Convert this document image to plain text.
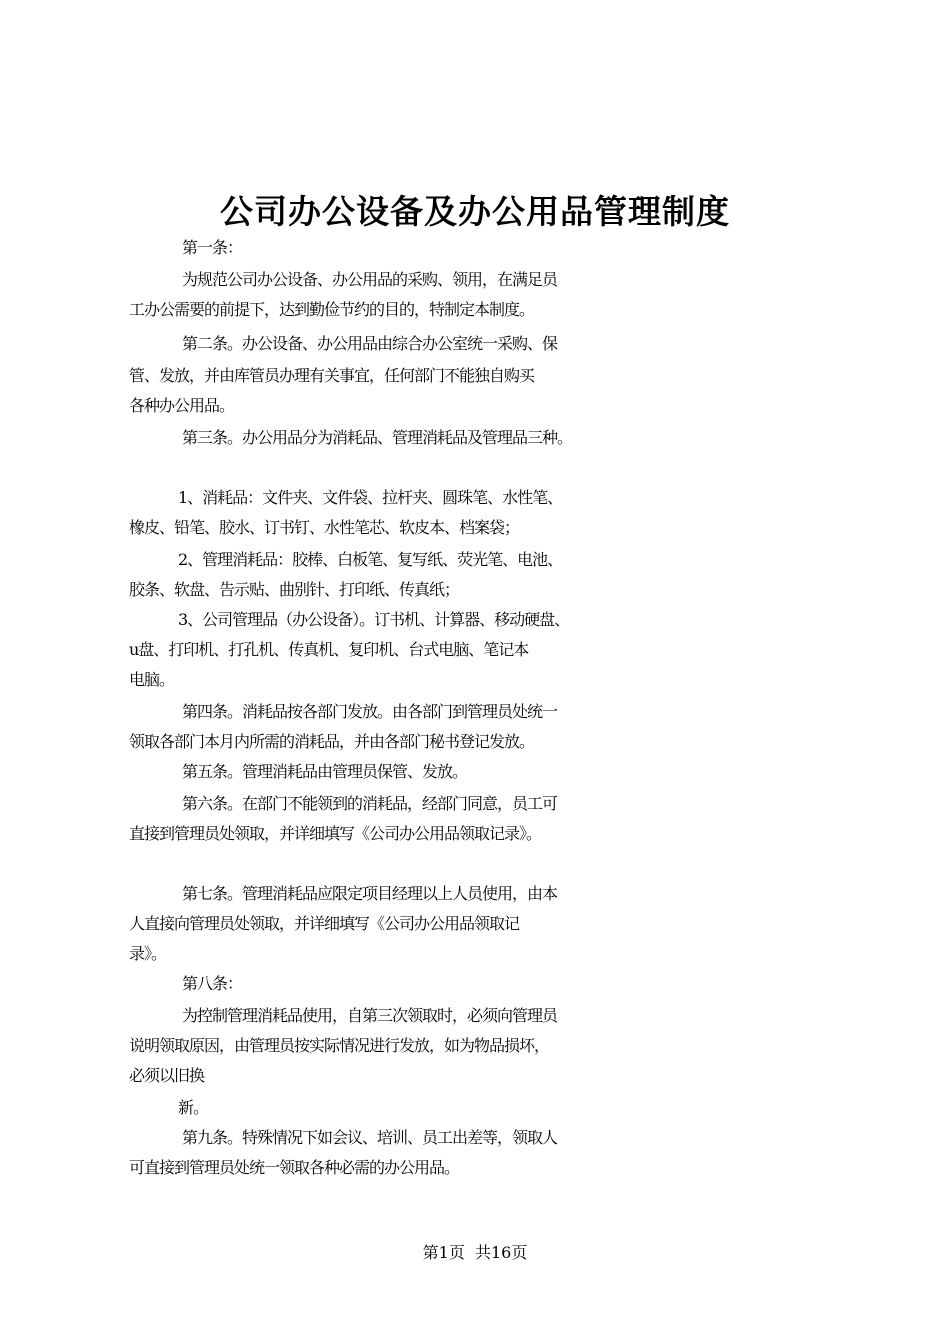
公司办公设备及办公用品管理制度
第一条：
为规范公司办公设备、办公用品的采购、领用，在满足员
工办公需要的前提下，达到勤俭节约的目的，特制定本制度。
第二条。办公设备、办公用品由综合办公室统一采购、保
管、发放，并由库管员办理有关事宜，任何部门不能独自购买
各种办公用品。
第三条。办公用品分为消耗品、管理消耗品及管理品三种。
1、消耗品：文件夹、文件袋、拉杆夹、圆珠笔、水性笔、
橡皮、铅笔、胶水、订书钉、水性笔芯、软皮本、档案袋；
2、管理消耗品：胶棒、白板笔、复写纸、荧光笔、电池、
胶条、软盘、告示贴、曲别针、打印纸、传真纸；
3、公司管理品（办公设备）。订书机、计算器、移动硬盘、
u盘、打印机、打孔机、传真机、复印机、台式电脑、笔记本
电脑。
第四条。消耗品按各部门发放。由各部门到管理员处统一
领取各部门本月内所需的消耗品，并由各部门秘书登记发放。
第五条。管理消耗品由管理员保管、发放。
第六条。在部门不能领到的消耗品，经部门同意，员工可
直接到管理员处领取，并详细填写《公司办公用品领取记录》。
第七条。管理消耗品应限定项目经理以上人员使用，由本
人直接向管理员处领取，并详细填写《公司办公用品领取记
录》。
第八条：
为控制管理消耗品使用，自第三次领取时，必须向管理员
说明领取原因，由管理员按实际情况进行发放，如为物品损坏，
必须以旧换
新。
第九条。特殊情况下如会议、培训、员工出差等，领取人
可直接到管理员处统一领取各种必需的办公用品。
第1页  共16页
